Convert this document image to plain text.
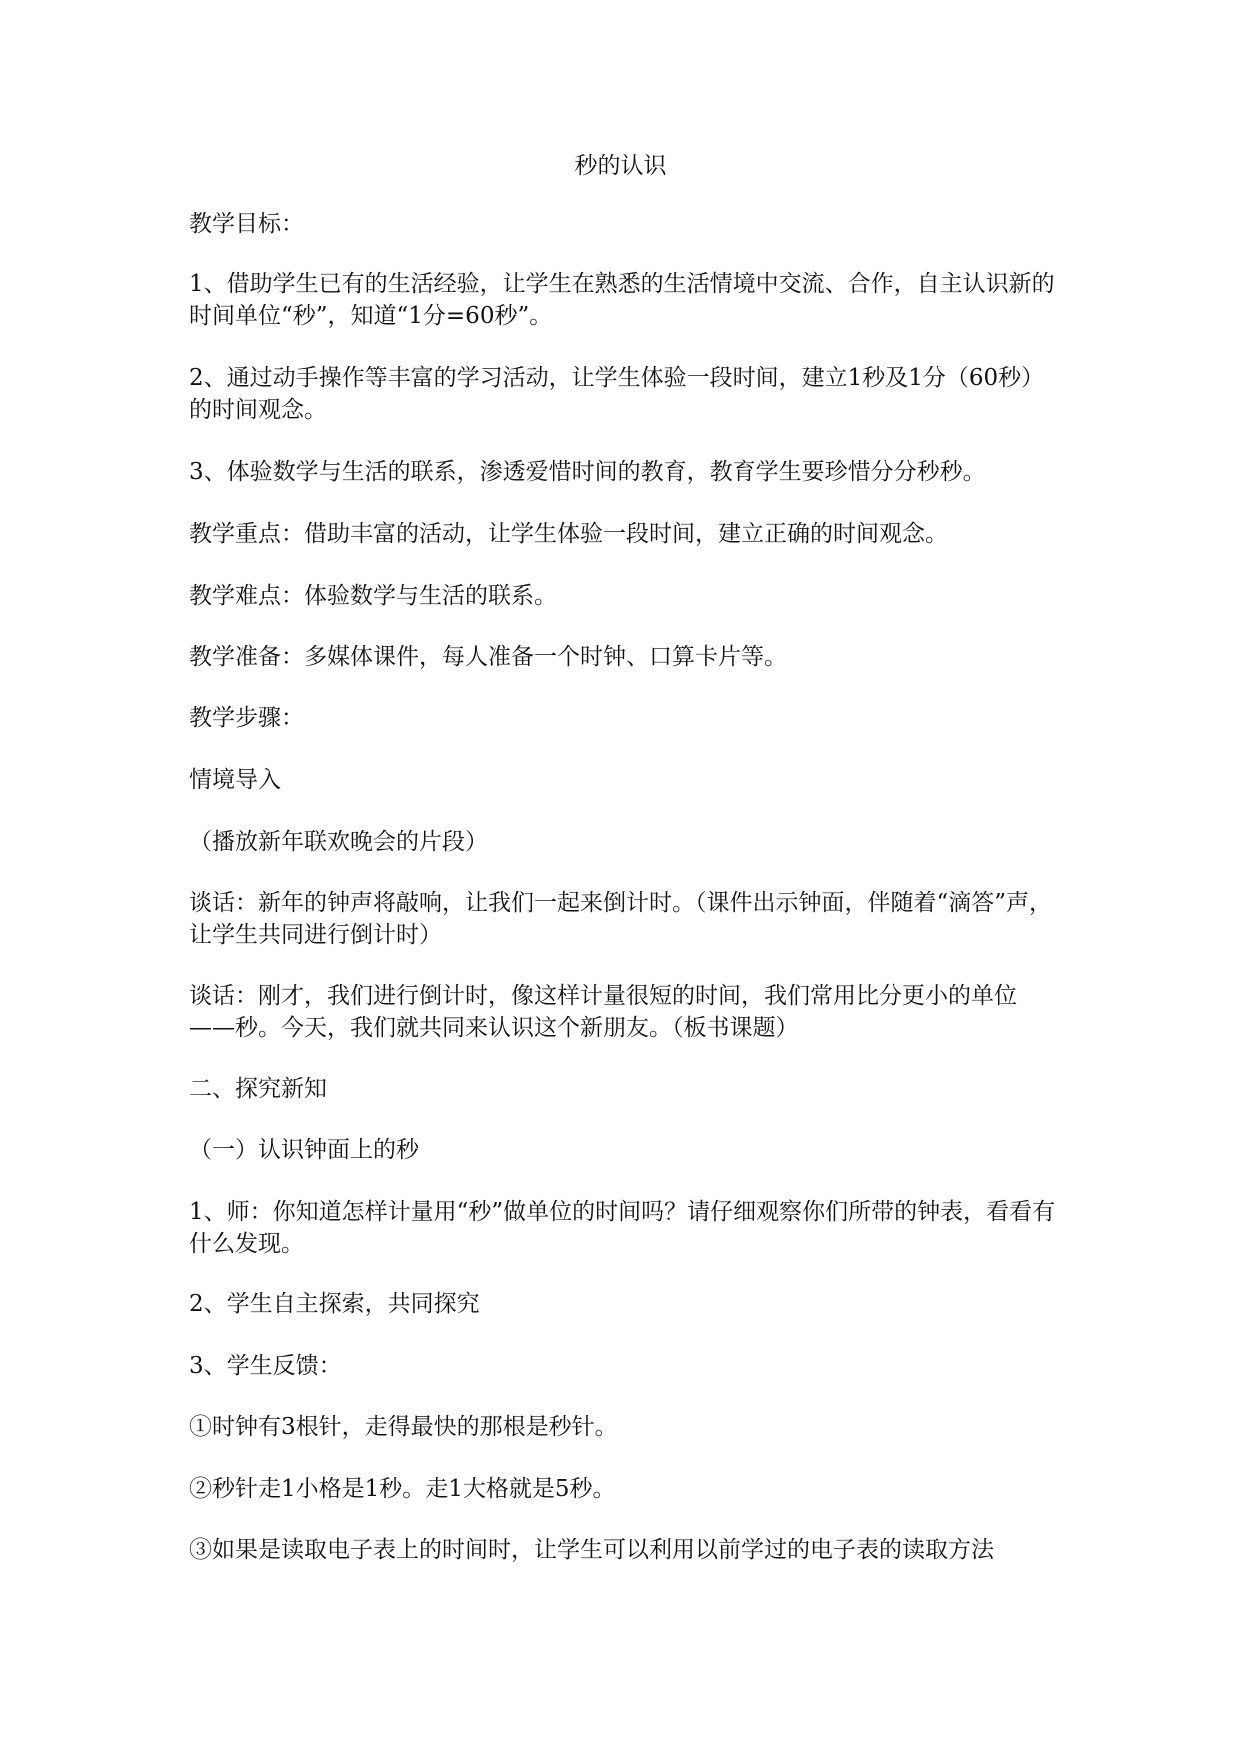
秒的认识
教学目标：
1、借助学生已有的生活经验，让学生在熟悉的生活情境中交流、合作，自主认识新的时间单位“秒”，知道“1分=60秒”。
2、通过动手操作等丰富的学习活动，让学生体验一段时间，建立1秒及1分（60秒）的时间观念。
3、体验数学与生活的联系，渗透爱惜时间的教育，教育学生要珍惜分分秒秒。
教学重点：借助丰富的活动，让学生体验一段时间，建立正确的时间观念。
教学难点：体验数学与生活的联系。
教学准备：多媒体课件，每人准备一个时钟、口算卡片等。
教学步骤：
情境导入
（播放新年联欢晚会的片段）
谈话：新年的钟声将敲响，让我们一起来倒计时。（课件出示钟面，伴随着“滴答”声，让学生共同进行倒计时）
谈话：刚才，我们进行倒计时，像这样计量很短的时间，我们常用比分更小的单位——秒。今天，我们就共同来认识这个新朋友。（板书课题）
二、探究新知
（一）认识钟面上的秒
1、师：你知道怎样计量用“秒”做单位的时间吗？请仔细观察你们所带的钟表，看看有什么发现。
2、学生自主探索，共同探究
3、学生反馈：
①时钟有3根针，走得最快的那根是秒针。
②秒针走1小格是1秒。走1大格就是5秒。
③如果是读取电子表上的时间时，让学生可以利用以前学过的电子表的读取方法
